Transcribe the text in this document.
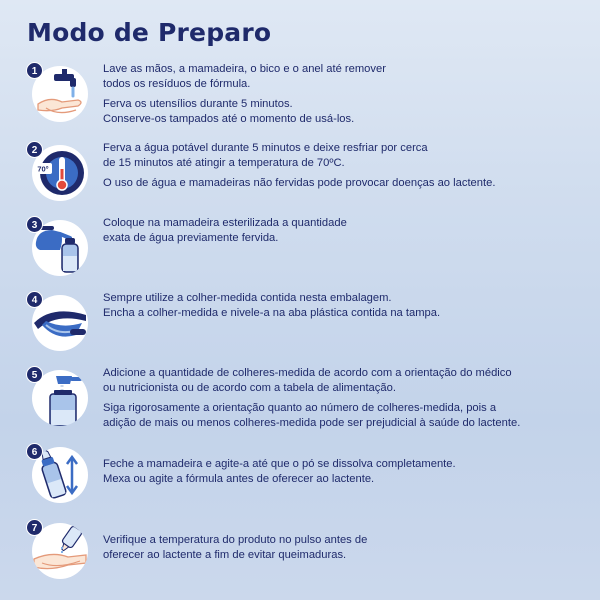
Modo de Preparo
1	Lave as mãos, a mamadeira, o bico e o anel até remover
todos os resíduos de fórmula.

Ferva os utensílios durante 5 minutos.
Conserve-os tampados até o momento de usá-los.

2
70°

Ferva a água potável durante 5 minutos e deixe resfriar por cerca
de 15 minutos até atingir a temperatura de 70ºC.

O uso de água e mamadeiras não fervidas pode provocar doenças ao lactente.

3	Coloque na mamadeira esterilizada a quantidade
exata de água previamente fervida.

4	Sempre utilize a colher-medida contida nesta embalagem.
Encha a colher-medida e nivele-a na aba plástica contida na tampa.

5	Adicione a quantidade de colheres-medida de acordo com a orientação do médico
ou nutricionista ou de acordo com a tabela de alimentação.

Siga rigorosamente a orientação quanto ao número de colheres-medida, pois a
adição de mais ou menos colheres-medida pode ser prejudicial à saúde do lactente.

6

Feche a mamadeira e agite-a até que o pó se dissolva completamente.
Mexa ou agite a fórmula antes de oferecer ao lactente.

7

Verifique a temperatura do produto no pulso antes de
oferecer ao lactente a fim de evitar queimaduras.
